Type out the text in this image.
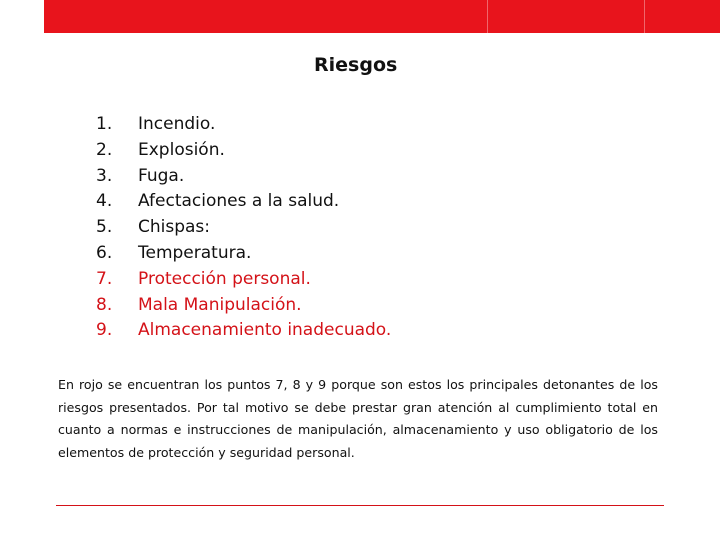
Riesgos
1. Incendio.
2. Explosión.
3. Fuga.
4. Afectaciones a la salud.
5. Chispas:
6. Temperatura.
7. Protección personal.
8. Mala Manipulación.
9. Almacenamiento inadecuado.

En rojo se encuentran los puntos 7, 8 y 9 porque son estos los principales detonantes de los riesgos presentados. Por tal motivo se debe prestar gran atención al cumplimiento total en cuanto a normas e instrucciones de manipulación, almacenamiento y uso obligatorio de los elementos de protección y seguridad personal.
